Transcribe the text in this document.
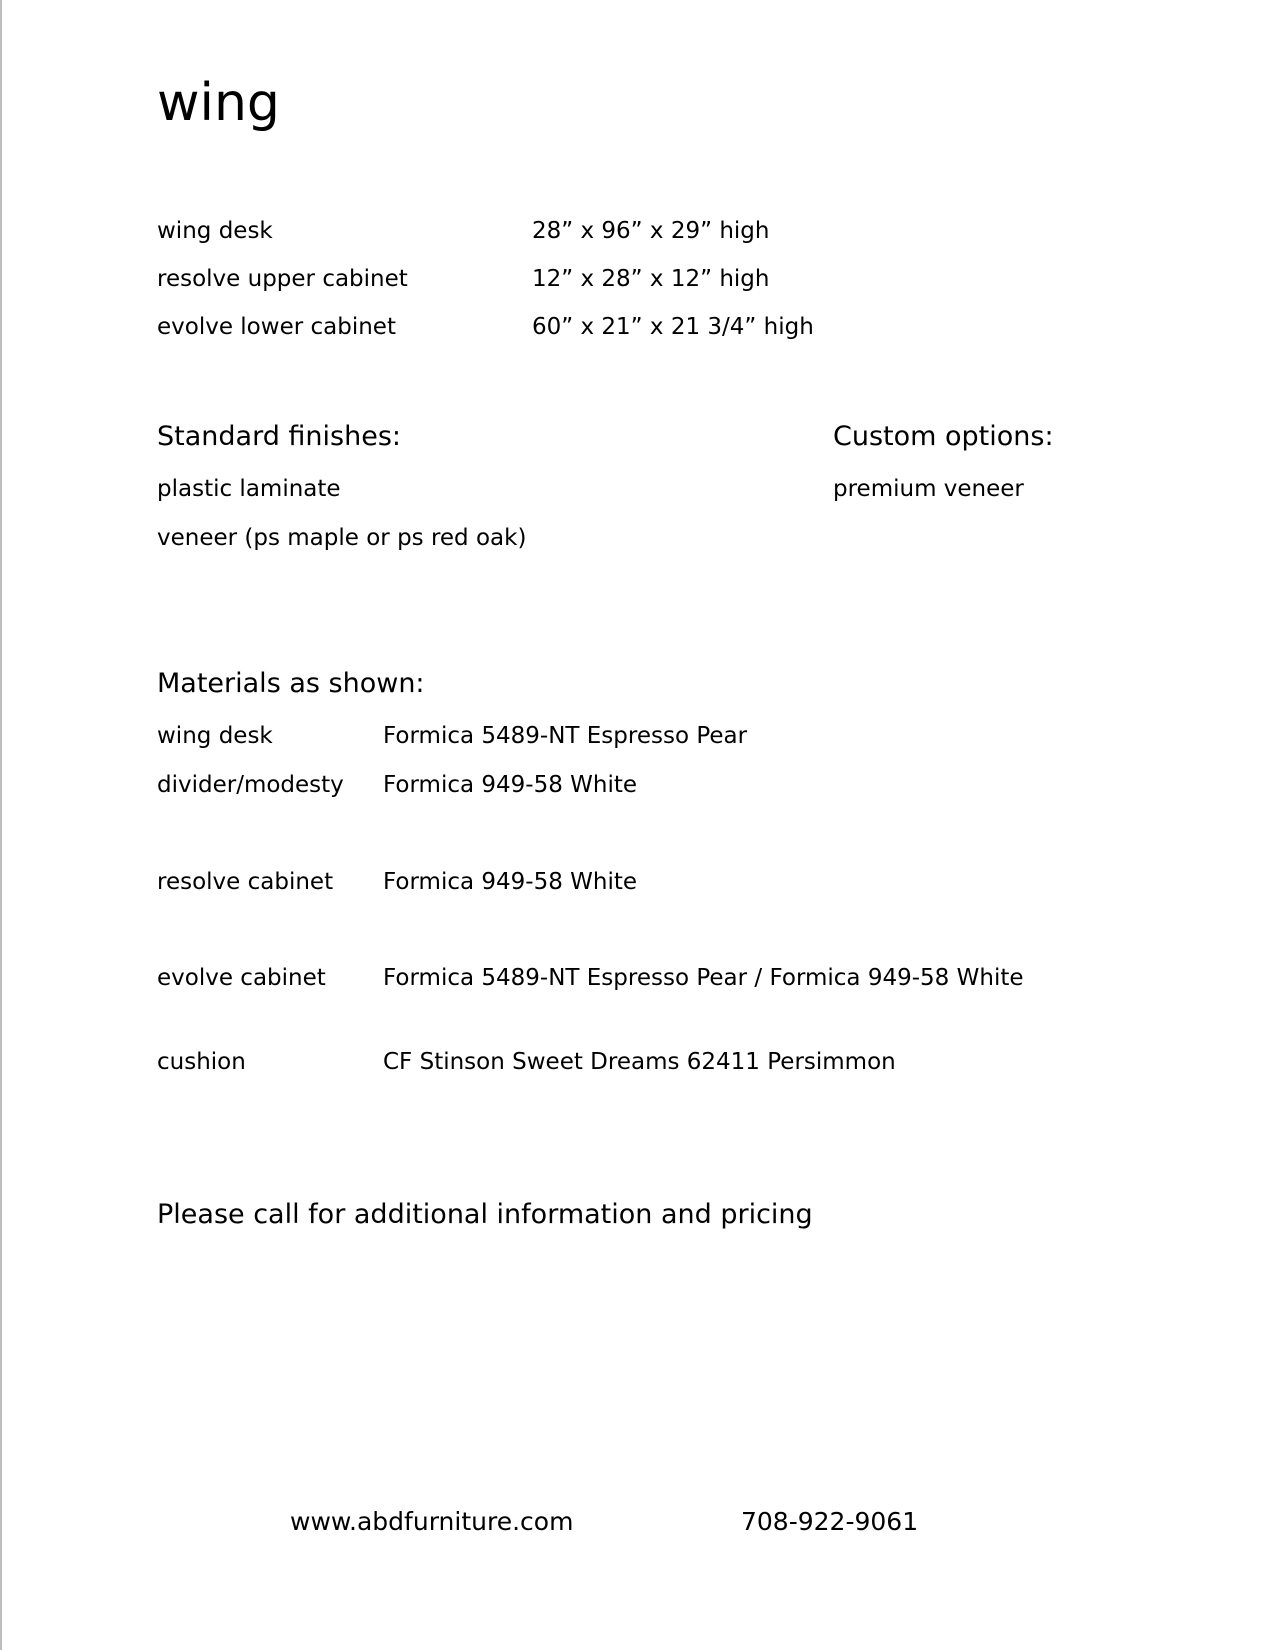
wing
wing desk	28” x 96” x 29” high
resolve upper cabinet	12” x 28” x 12” high
evolve lower cabinet	60” x 21” x 21 3/4” high
Standard finishes:
plastic laminate
veneer (ps maple or ps red oak)
Custom options:
premium veneer
Materials as shown:
wing desk	Formica 5489-NT Espresso Pear
divider/modesty Formica 949-58 White
resolve cabinet Formica 949-58 White
evolve cabinet Formica 5489-NT Espresso Pear / Formica 949-58 White
cushion	CF Stinson Sweet Dreams 62411 Persimmon
Please call for additional information and pricing
www.abdfurniture.com	708-922-9061
